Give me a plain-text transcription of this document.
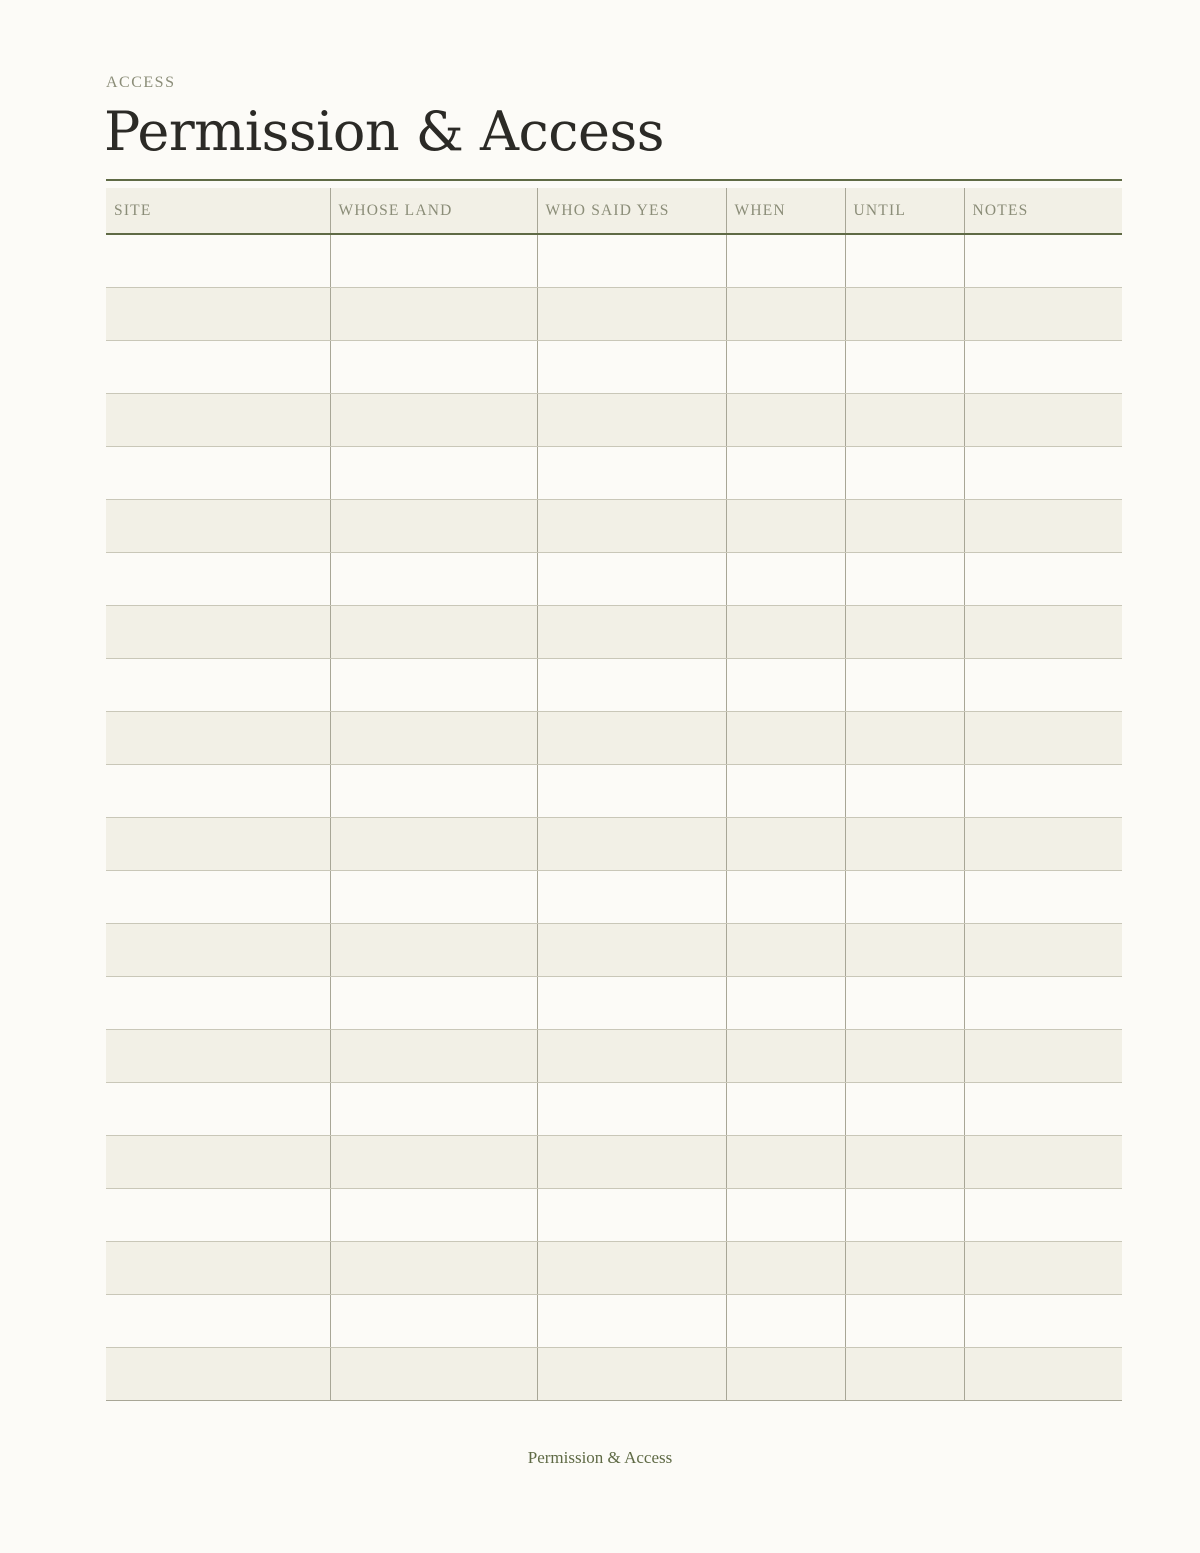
ACCESS
Permission & Access
SITE	WHOSE LAND	WHO SAID YES	WHEN	UNTIL	NOTES

Permission & Access
